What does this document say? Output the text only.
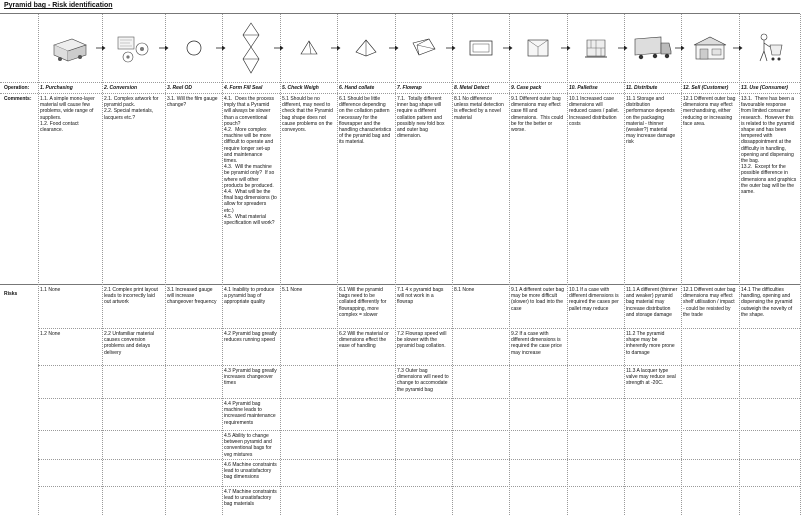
Pyramid bag - Risk identification
Operation:
Comments:
Risks
1. Purchasing
1.1. A simple mono-layer material will cause few problems, wide range of suppliers.
1.2. Food contact clearance.
1.1 None
1.2 None
2. Conversion
2.1. Complex artwork for pyramid pack.
2.2. Special materials, lacquers etc.?
2.1 Complex print layout leads to incorrectly laid out artwork
2.2 Unfamiliar material causes conversion problems and delays delivery
3. Reel OD
3.1. Will the film gauge change?
3.1 Increased gauge will increase changeover frequency
4. Form Fill Seal
4.1.  Does the process imply that a Pyramid will always be slower than a conventional pouch?
4.2.  More complex machine will be more difficult to operate and require longer set-up and maintenance times.
4.3.  Will the machine be pyramid only?  If so where will other products be produced.
4.4.  What will be the final bag dimensions (to allow for spreaders etc.)
4.5.  What material specification will work?
4.1 Inability to produce a pyramid bag of appropriate quality
4.2 Pyramid bag greatly reduces running speed
4.3 Pyramid bag greatly increases changeover times
4.4 Pyramid bag machine leads to increased maintenance requirements
4.5 Ability to change between pyramid and conventional bags for veg mixtures
4.6 Machine constraints lead to unsatisfactory bag dimensions
4.7 Machine constraints lead to unsatisfactory bag materials
5. Check Weigh
5.1 Should be no different, may need to check that the Pyramid bag shape does not cause problems on the conveyors.
5.1 None
6. Hand collate
6.1 Should be little difference depending on the collation pattern necessary for the flowrapper and the handling characteristics of the pyramid bag and its material.
6.1 Will the pyramid bags need to be collated differently for flowrapping, more complex = slower
6.2 Will the material or dimensions effect the ease of handling
7. Flowrap
7.1.  Totally different inner bag shape will require a different collation pattern and possibly new fold box and outer bag dimension.
7.1 4 x pyramid bags will not work in a flowrap
7.2 Flowrap speed will be slower with the pyramid bag collation.
7.3 Outer bag dimensions will need to change to accomodate the pyramid bag
8. Metal Detect
8.1 No difference unless metal detection is effected by a novel material
8.1 None
9. Case pack
9.1 Different outer bag dimensions may effect case fill and dimensions.  This could be for the better or worse.
9.1 A different outer bag may be more difficult (slower) to load into the case
9.2 If a case with different dimensions is required the case price may increase
10. Palletise
10.1 Increased case dimensions will reduced cases / pallet. Increased distribution costs
10.1 If a case with different dimensions is required the cases per pallet may reduce
11. Distribute
11.1 Storage and distribution performance depends on the packaging material - thinner (weaker?) material may increase damage risk
11.1 A different (thinner and weaker) pyramid bag material may increase distribution and storage damage
11.2 The pyramid shape may be inherently more prone to damage
11.3 A lacquer type valve may reduce seal strength at -20C.
12. Sell (Customer)
12.1 Different outer bag dimensions may effect merchandising, either reducing or increasing face area.
12.1 Different outer bag dimensions may effect shelf utilisation / impact - could be resisted by the trade
13. Use (Consumer)
13.1.  There has been a favourable response from limited consumer research.  However this is related to the pyramid shape and has been tempered with dissappointment at the difficulty in handling, opening and dispensing the bag.
13.2.  Except for the possible difference in dimensions and graphics the outer bag will be the same.
14.1 The difficulties handling, opening and dispensing the pyramid outweigh the novelty of the shape.
